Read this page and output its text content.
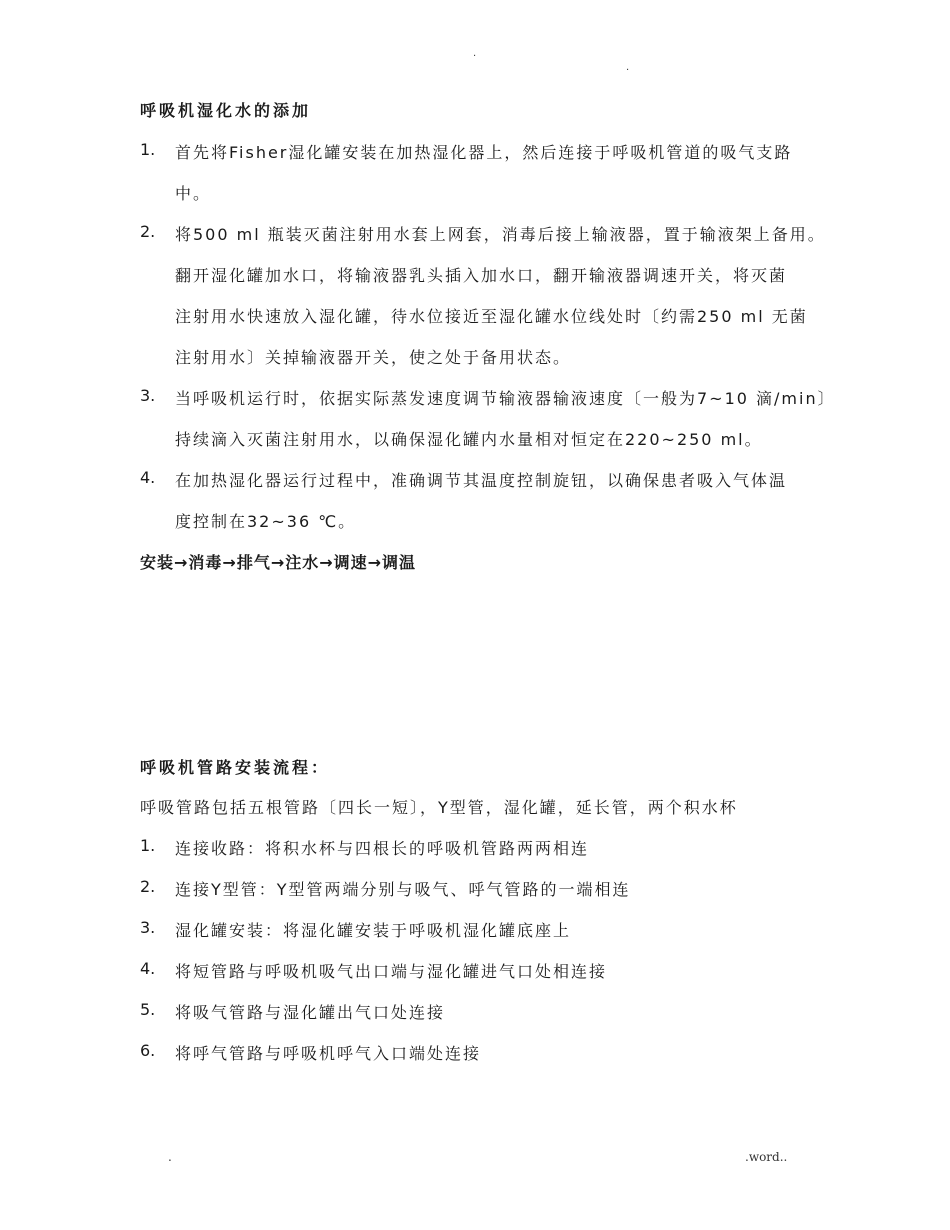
.
.
呼吸机湿化水的添加
1. 首先将Fisher湿化罐安装在加热湿化器上，然后连接于呼吸机管道的吸气支路
中。
2. 将500 ml 瓶装灭菌注射用水套上网套，消毒后接上输液器，置于输液架上备用。
翻开湿化罐加水口，将输液器乳头插入加水口，翻开输液器调速开关，将灭菌
注射用水快速放入湿化罐，待水位接近至湿化罐水位线处时〔约需250 ml 无菌
注射用水〕关掉输液器开关，使之处于备用状态。
3. 当呼吸机运行时，依据实际蒸发速度调节输液器输液速度〔一般为7~10 滴/min〕
持续滴入灭菌注射用水，以确保湿化罐内水量相对恒定在220~250 ml。
4. 在加热湿化器运行过程中，准确调节其温度控制旋钮，以确保患者吸入气体温
度控制在32~36 ℃。
安装→消毒→排气→注水→调速→调温
呼吸机管路安装流程：
呼吸管路包括五根管路〔四长一短〕，Y型管，湿化罐，延长管，两个积水杯
1. 连接收路：将积水杯与四根长的呼吸机管路两两相连
2. 连接Y型管：Y型管两端分别与吸气、呼气管路的一端相连
3. 湿化罐安装：将湿化罐安装于呼吸机湿化罐底座上
4. 将短管路与呼吸机吸气出口端与湿化罐进气口处相连接
5. 将吸气管路与湿化罐出气口处连接
6. 将呼气管路与呼吸机呼气入口端处连接
.	.word..
